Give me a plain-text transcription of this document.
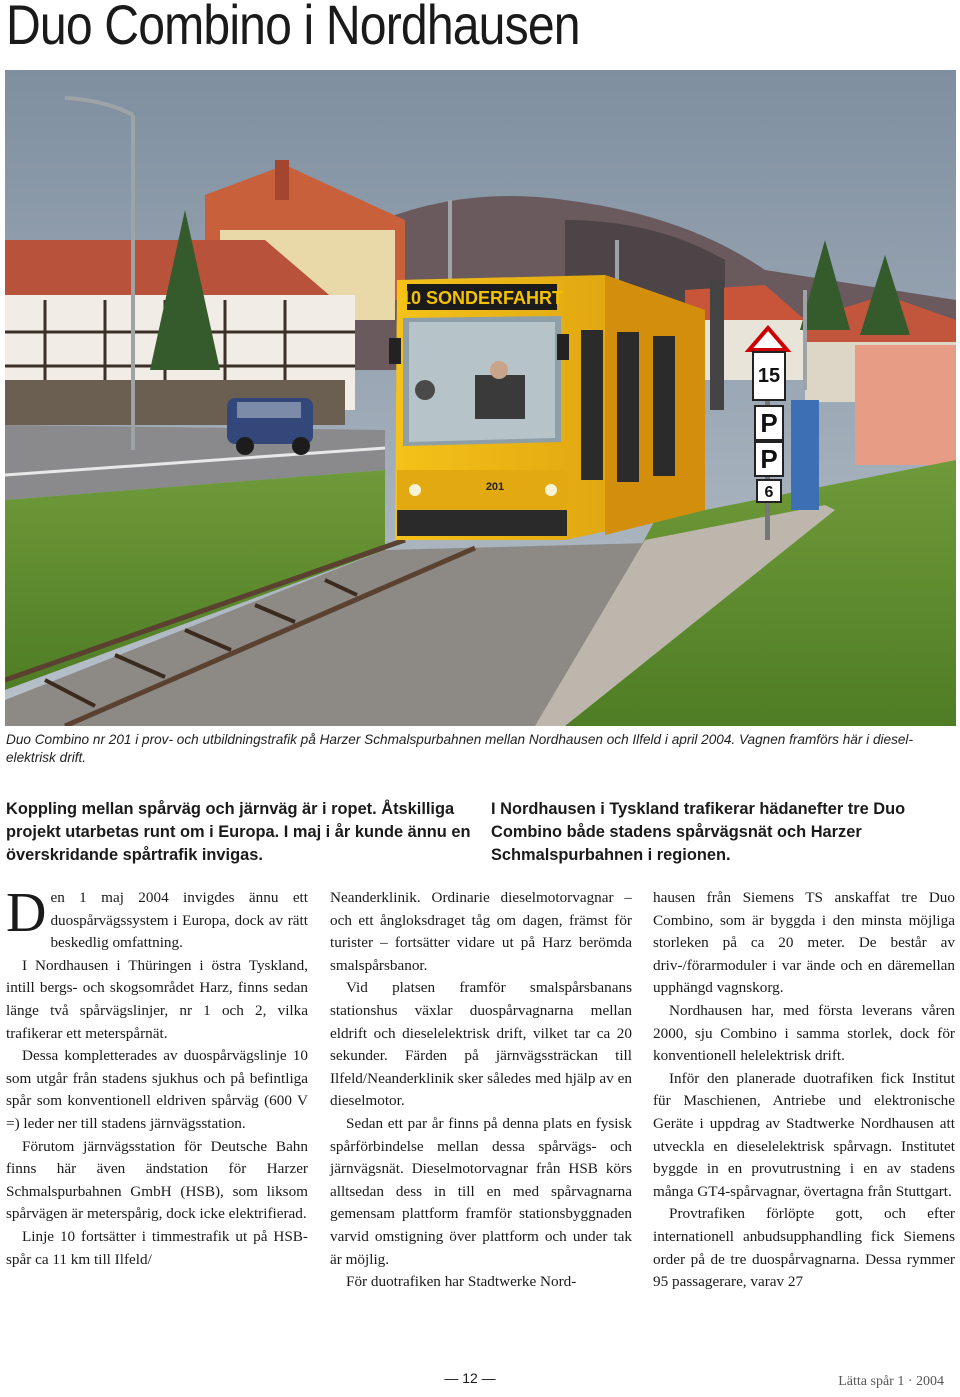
Duo Combino i Nordhausen
15
P
P
6
10 SONDERFAHRT
201

Duo Combino nr 201 i prov- och utbildningstrafik på Harzer Schmalspurbahnen mellan Nordhausen och Ilfeld i april 2004. Vagnen framförs här i diesel-elektrisk drift.

Koppling mellan spårväg och järnväg är i ropet. Åtskilliga projekt utarbetas runt om i Europa. I maj i år kunde ännu en överskridande spårtrafik invigas.

I Nordhausen i Tyskland trafikerar hädanefter tre Duo Combino både stadens spårvägsnät och Harzer Schmalspurbahnen i regionen.

Den 1 maj 2004 invigdes ännu ett duospårvägssystem i Europa, dock av rätt beskedlig omfattning.

I Nordhausen i Thüringen i östra Tyskland, intill bergs- och skogsområdet Harz, finns sedan länge två spårvägslinjer, nr 1 och 2, vilka trafikerar ett meterspårnät.

Dessa kompletterades av duospårvägslinje 10 som utgår från stadens sjukhus och på befintliga spår som konventionell eldriven spårväg (600 V =) leder ner till stadens järnvägsstation.

Förutom järnvägsstation för Deutsche Bahn finns här även ändstation för Harzer Schmalspurbahnen GmbH (HSB), som liksom spårvägen är meterspårig, dock icke elektrifierad.

Linje 10 fortsätter i timmestrafik ut på HSB-spår ca 11 km till Ilfeld/

Neanderklinik. Ordinarie dieselmotorvagnar – och ett ångloksdraget tåg om dagen, främst för turister – fortsätter vidare ut på Harz berömda smalspårsbanor.

Vid platsen framför smalspårsbanans stationshus växlar duospårvagnarna mellan eldrift och dieselelektrisk drift, vilket tar ca 20 sekunder. Färden på järnvägssträckan till Ilfeld/Neanderklinik sker således med hjälp av en dieselmotor.

Sedan ett par år finns på denna plats en fysisk spårförbindelse mellan dessa spårvägs- och järnvägsnät. Dieselmotorvagnar från HSB körs alltsedan dess in till en med spårvagnarna gemensam plattform framför stationsbyggnaden varvid omstigning över plattform och under tak är möjlig.

För duotrafiken har Stadtwerke Nord-

hausen från Siemens TS anskaffat tre Duo Combino, som är byggda i den minsta möjliga storleken på ca 20 meter. De består av driv-/förarmoduler i var ände och en däremellan upphängd vagnskorg.

Nordhausen har, med första leverans våren 2000, sju Combino i samma storlek, dock för konventionell helelektrisk drift.

Inför den planerade duotrafiken fick Institut für Maschienen, Antriebe und elektronische Geräte i uppdrag av Stadtwerke Nordhausen att utveckla en dieselelektrisk spårvagn. Institutet byggde in en provutrustning i en av stadens många GT4-spårvagnar, övertagna från Stuttgart.

Provtrafiken förlöpte gott, och efter internationell anbudsupphandling fick Siemens order på de tre duospårvagnarna. Dessa rymmer 95 passagerare, varav 27

— 12 —	Lätta spår 1 · 2004
